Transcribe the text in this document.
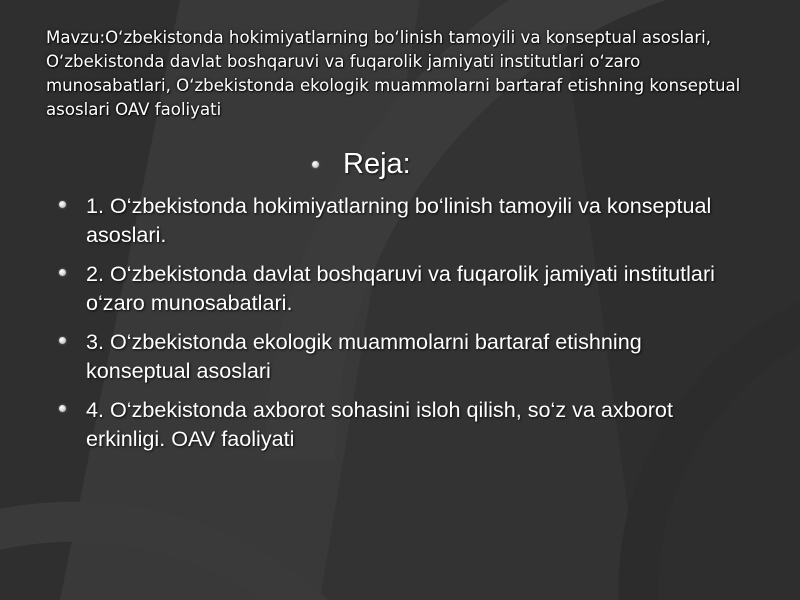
Mavzu:O‘zbekistonda hokimiyatlarning bo‘linish tamoyili va konseptual asoslari, O‘zbekistonda davlat boshqaruvi va fuqarolik jamiyati institutlari o‘zaro munosabatlari, O‘zbekistonda ekologik muammolarni bartaraf etishning konseptual asoslari OAV faoliyati
Reja:
1. O‘zbekistonda hokimiyatlarning bo‘linish tamoyili va konseptual asoslari.
2. O‘zbekistonda davlat boshqaruvi va fuqarolik jamiyati institutlari o‘zaro munosabatlari.
3. O‘zbekistonda ekologik muammolarni bartaraf etishning konseptual asoslari
4. O‘zbekistonda axborot sohasini isloh qilish, so‘z va axborot erkinligi. OAV faoliyati
